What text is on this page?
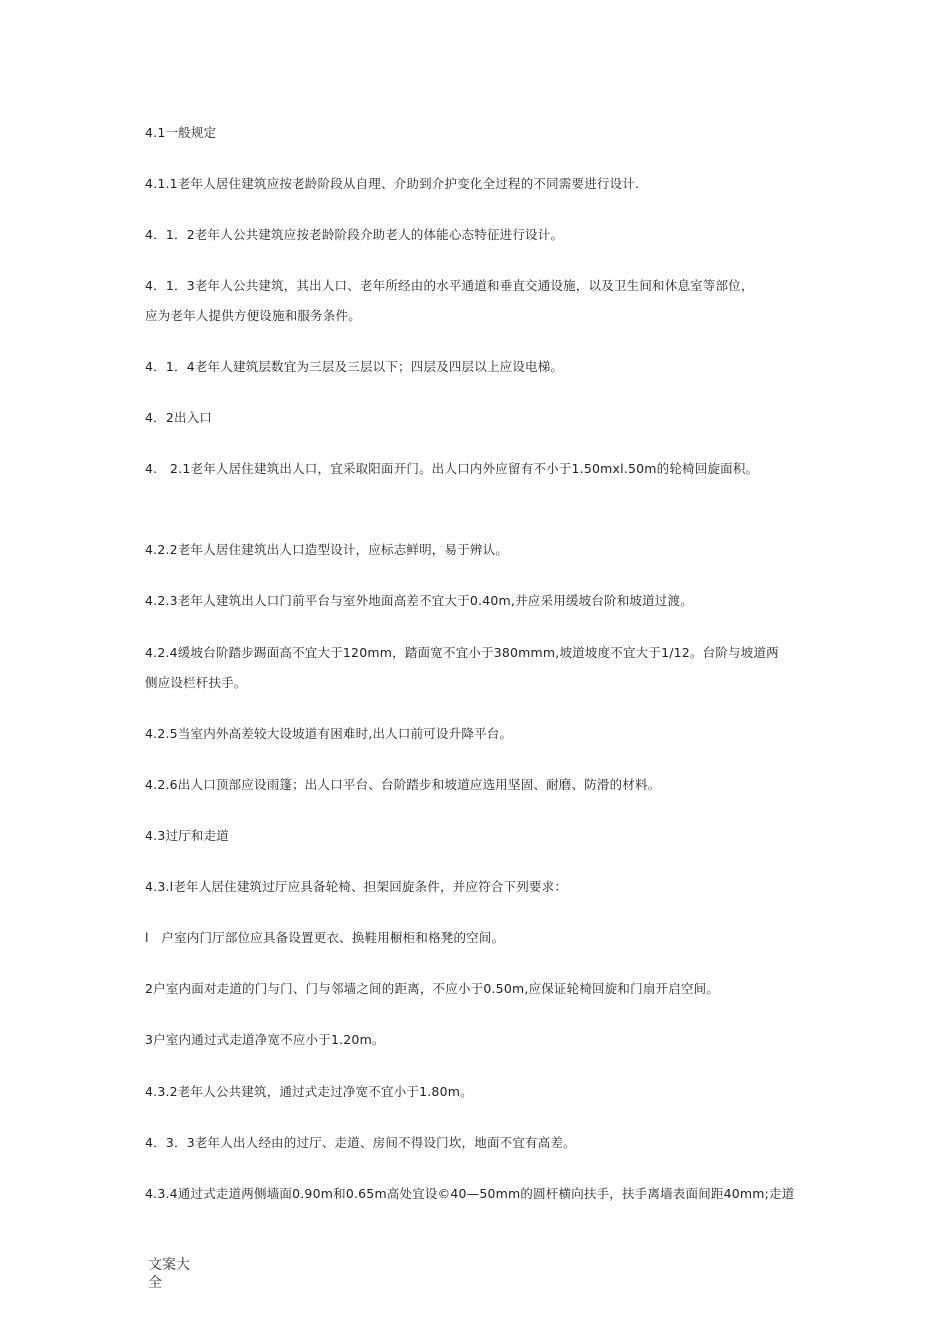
4.1一般规定
4.1.1老年人居住建筑应按老龄阶段从自理、介助到介护变化全过程的不同需要进行设计.
4．1．2老年人公共建筑应按老龄阶段介助老人的体能心态特征进行设计。
4．1．3老年人公共建筑，其出人口、老年所经由的水平通道和垂直交通设施，以及卫生间和休息室等部位，
应为老年人提供方便设施和服务条件。
4．1．4老年人建筑层数宜为三层及三层以下；四层及四层以上应设电梯。
4．2出入口
4.　2.1老年人居住建筑出人口，宜采取阳面开门。出人口内外应留有不小于1.50mxl.50m的轮椅回旋面积。
4.2.2老年人居住建筑出人口造型设计，应标志鲜明，易于辨认。
4.2.3老年人建筑出人口门前平台与室外地面高差不宜大于0.40m,并应采用缓坡台阶和坡道过渡。
4.2.4缓坡台阶踏步踢面高不宜大于120mm，踏面宽不宜小于380mmm,坡道坡度不宜大于1/12。台阶与坡道两
侧应设栏杆扶手。
4.2.5当室内外高差较大设坡道有困难时,出人口前可设升降平台。
4.2.6出人口顶部应设雨篷；出人口平台、台阶踏步和坡道应选用坚固、耐磨、防滑的材料。
4.3过厅和走道
4.3.l老年人居住建筑过厅应具备轮椅、担架回旋条件，并应符合下列要求：
l　户室内门厅部位应具备设置更衣、换鞋用橱柜和格凳的空间。
2户室内面对走道的门与门、门与邻墙之间的距离，不应小于0.50m,应保证轮椅回旋和门扇开启空间。
3户室内通过式走道净宽不应小于1.20m。
4.3.2老年人公共建筑，通过式走过净宽不宜小于1.80m。
4．3．3老年人出人经由的过厅、走道、房间不得设门坎，地面不宜有高差。
4.3.4通过式走道两侧墙面0.90m和0.65m高处宜设©40—50mm的圆杆横向扶手，扶手离墙表面间距40mm;走道
文案大
全
